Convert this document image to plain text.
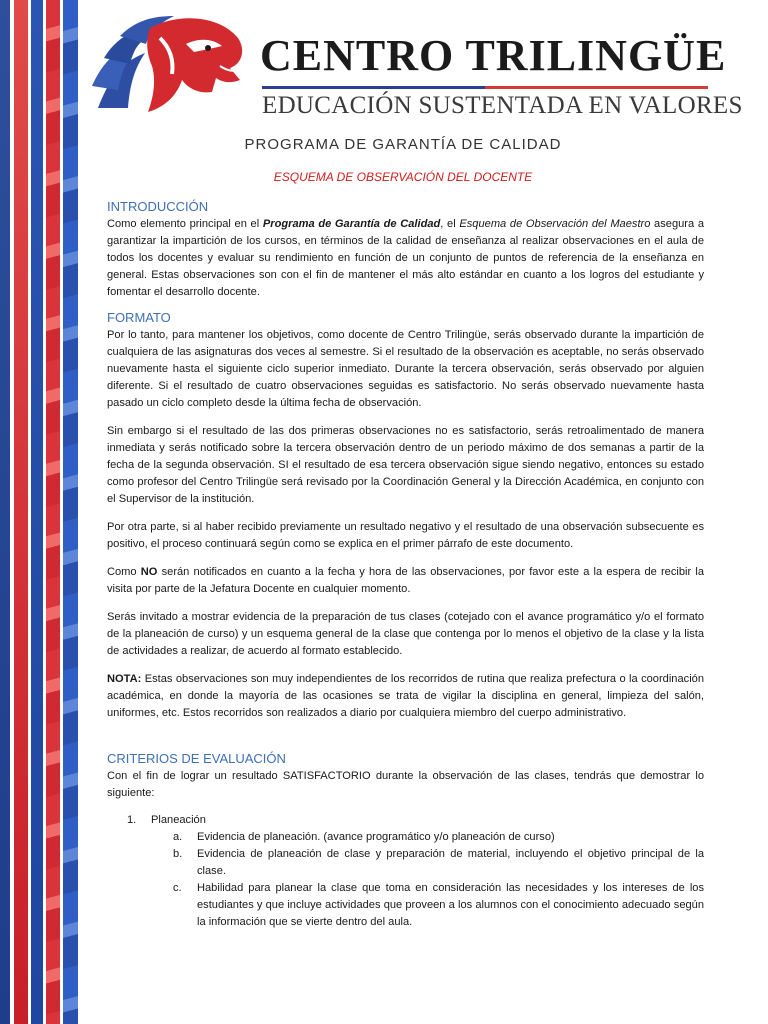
CENTRO TRILINGÜE
EDUCACIÓN SUSTENTADA EN VALORES
PROGRAMA DE GARANTÍA DE CALIDAD
ESQUEMA DE OBSERVACIÓN DEL DOCENTE
INTRODUCCIÓN

Como elemento principal en el Programa de Garantía de Calidad, el Esquema de Observación del Maestro asegura a garantizar la impartición de los cursos, en términos de la calidad de enseñanza al realizar observaciones en el aula de todos los docentes y evaluar su rendimiento en función de un conjunto de puntos de referencia de la enseñanza en general. Estas observaciones son con el fin de mantener el más alto estándar en cuanto a los logros del estudiante y fomentar el desarrollo docente.

FORMATO

Por lo tanto, para mantener los objetivos, como docente de Centro Trilingüe, serás observado durante la impartición de cualquiera de las asignaturas dos veces al semestre. Si el resultado de la observación es aceptable, no serás observado nuevamente hasta el siguiente ciclo superior inmediato. Durante la tercera observación, serás observado por alguien diferente. Si el resultado de cuatro observaciones seguidas es satisfactorio. No serás observado nuevamente hasta pasado un ciclo completo desde la última fecha de observación.

Sin embargo si el resultado de las dos primeras observaciones no es satisfactorio, serás retroalimentado de manera inmediata y serás notificado sobre la tercera observación dentro de un periodo máximo de dos semanas a partir de la fecha de la segunda observación. SI el resultado de esa tercera observación sigue siendo negativo, entonces su estado como profesor del Centro Trilingüe será revisado por la Coordinación General y la Dirección Académica, en conjunto con el Supervisor de la institución.

Por otra parte, si al haber recibido previamente un resultado negativo y el resultado de una observación subsecuente es positivo, el proceso continuará según como se explica en el primer párrafo de este documento.

Como NO serán notificados en cuanto a la fecha y hora de las observaciones, por favor este a la espera de recibir la visita por parte de la Jefatura Docente en cualquier momento.

Serás invitado a mostrar evidencia de la preparación de tus clases (cotejado con el avance programático y/o el formato de la planeación de curso) y un esquema general de la clase que contenga por lo menos el objetivo de la clase y la lista de actividades a realizar, de acuerdo al formato establecido.

NOTA: Estas observaciones son muy independientes de los recorridos de rutina que realiza prefectura o la coordinación académica, en donde la mayoría de las ocasiones se trata de vigilar la disciplina en general, limpieza del salón, uniformes, etc. Estos recorridos son realizados a diario por cualquiera miembro del cuerpo administrativo.

CRITERIOS DE EVALUACIÓN

Con el fin de lograr un resultado SATISFACTORIO durante la observación de las clases, tendrás que demostrar lo siguiente:

1.	Planeación
a.	Evidencia de planeación. (avance programático y/o planeación de curso)
b.	Evidencia de planeación de clase y preparación de material, incluyendo el objetivo principal de la clase.
c.	Habilidad para planear la clase que toma en consideración las necesidades y los intereses de los estudiantes y que incluye actividades que proveen a los alumnos con el conocimiento adecuado según la información que se vierte dentro del aula.
